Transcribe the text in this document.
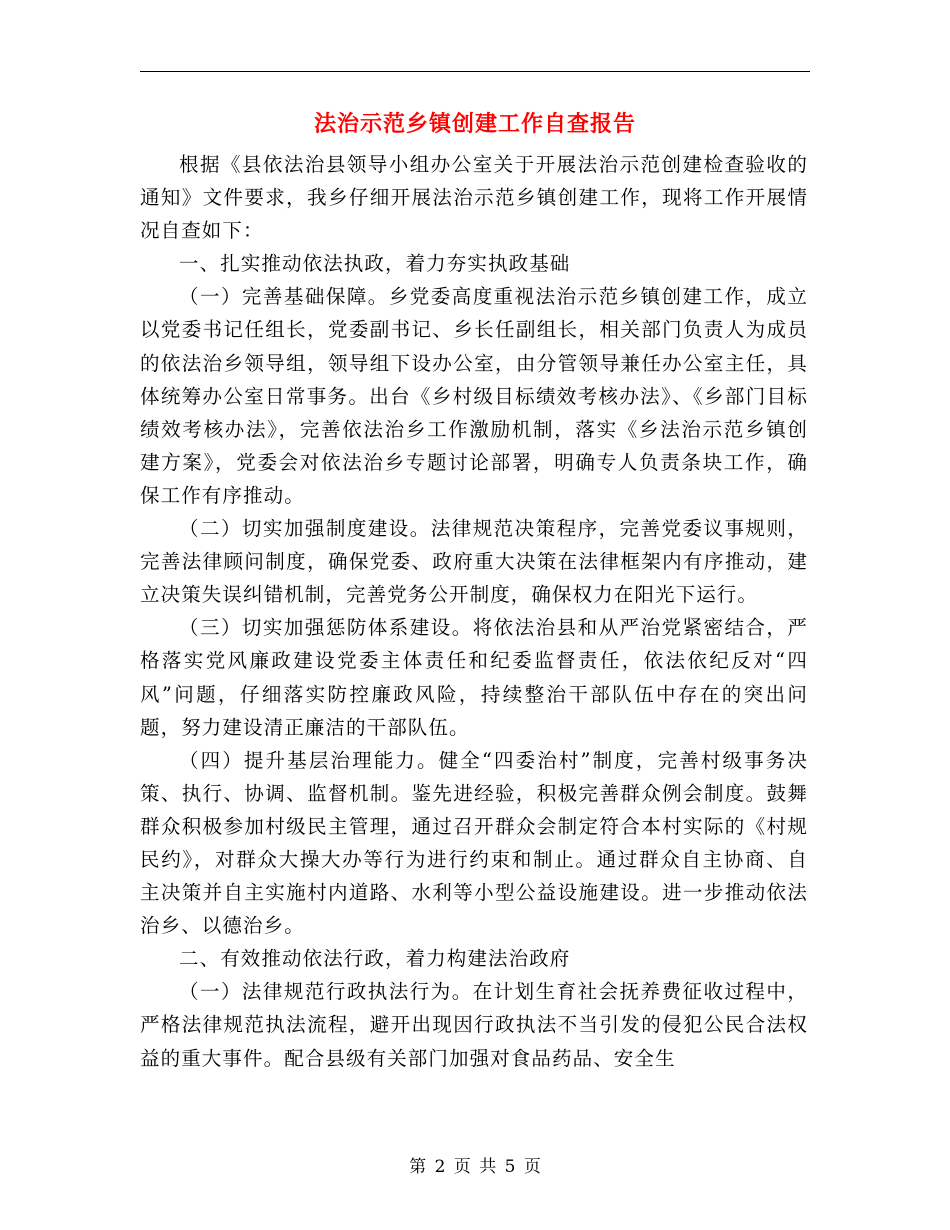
法治示范乡镇创建工作自查报告

根据《县依法治县领导小组办公室关于开展法治示范创建检查验收的通知》文件要求，我乡仔细开展法治示范乡镇创建工作，现将工作开展情况自查如下：

一、扎实推动依法执政，着力夯实执政基础

（一）完善基础保障。乡党委高度重视法治示范乡镇创建工作，成立以党委书记任组长，党委副书记、乡长任副组长，相关部门负责人为成员的依法治乡领导组，领导组下设办公室，由分管领导兼任办公室主任，具体统筹办公室日常事务。出台《乡村级目标绩效考核办法》、《乡部门目标绩效考核办法》，完善依法治乡工作激励机制，落实《乡法治示范乡镇创建方案》，党委会对依法治乡专题讨论部署，明确专人负责条块工作，确保工作有序推动。

（二）切实加强制度建设。法律规范决策程序，完善党委议事规则，完善法律顾问制度，确保党委、政府重大决策在法律框架内有序推动，建立决策失误纠错机制，完善党务公开制度，确保权力在阳光下运行。

（三）切实加强惩防体系建设。将依法治县和从严治党紧密结合，严格落实党风廉政建设党委主体责任和纪委监督责任，依法依纪反对“四风”问题，仔细落实防控廉政风险，持续整治干部队伍中存在的突出问题，努力建设清正廉洁的干部队伍。

（四）提升基层治理能力。健全“四委治村”制度，完善村级事务决策、执行、协调、监督机制。鉴先进经验，积极完善群众例会制度。鼓舞群众积极参加村级民主管理，通过召开群众会制定符合本村实际的《村规民约》，对群众大操大办等行为进行约束和制止。通过群众自主协商、自主决策并自主实施村内道路、水利等小型公益设施建设。进一步推动依法治乡、以德治乡。

二、有效推动依法行政，着力构建法治政府

（一）法律规范行政执法行为。在计划生育社会抚养费征收过程中，严格法律规范执法流程，避开出现因行政执法不当引发的侵犯公民合法权益的重大事件。配合县级有关部门加强对食品药品、安全生

第 2 页 共 5 页
